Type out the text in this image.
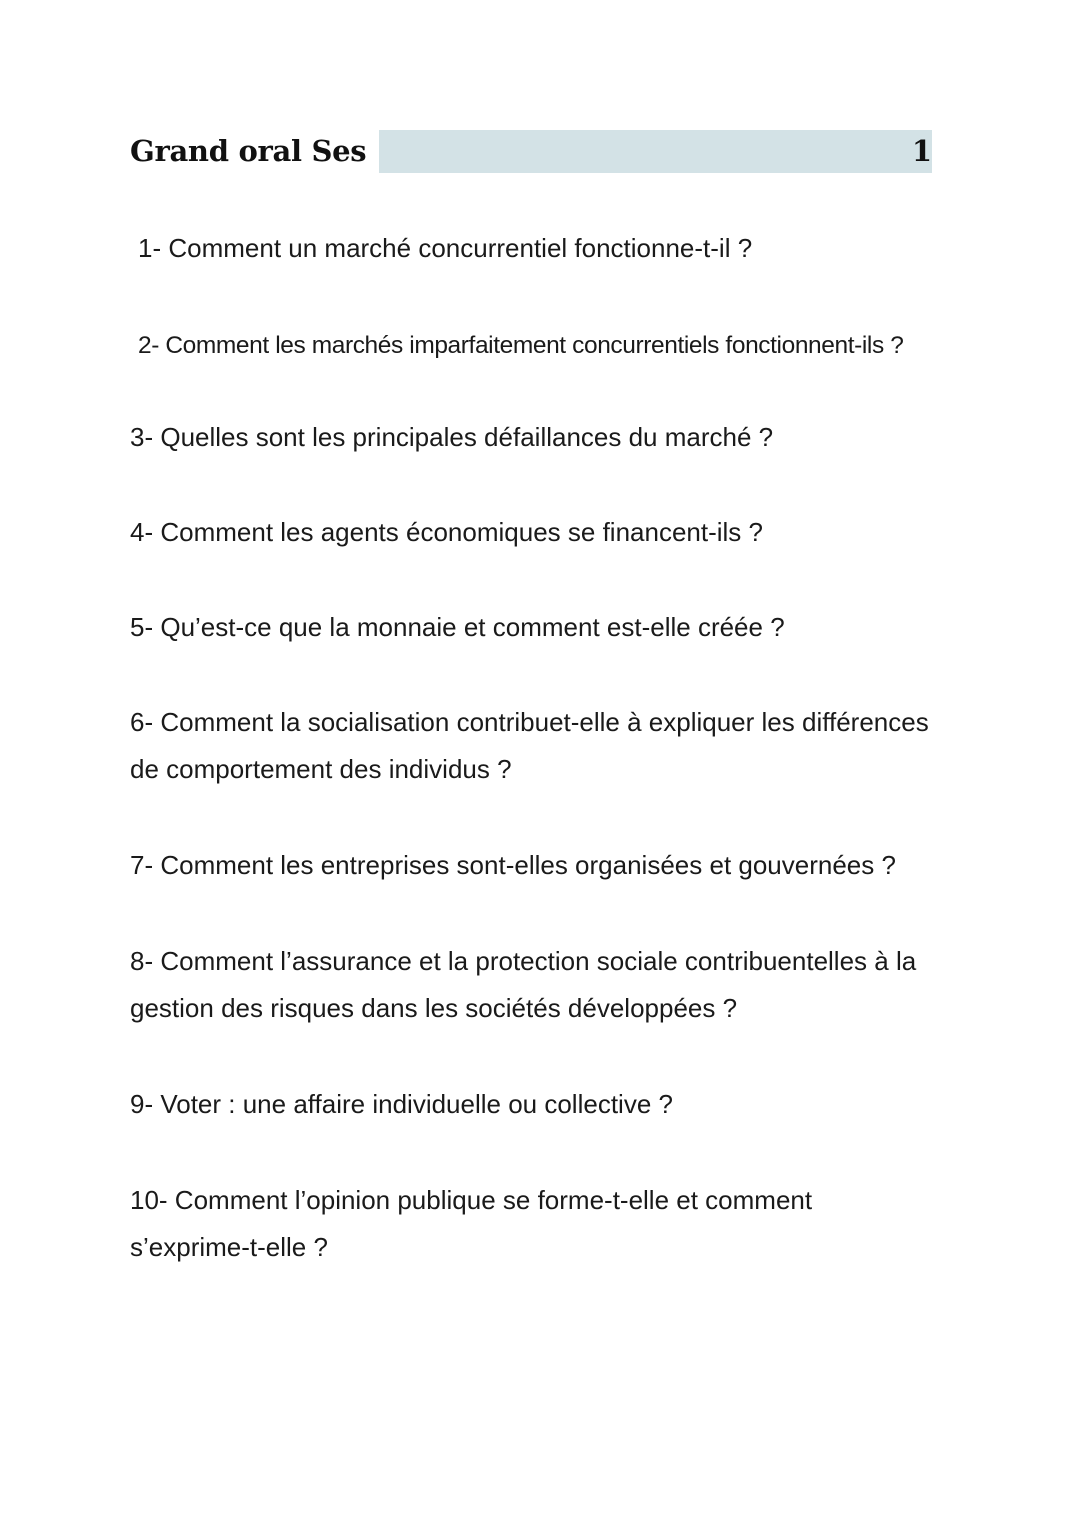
Grand oral Ses	1

1- Comment un marché concurrentiel fonctionne-t-il ?

2- Comment les marchés imparfaitement concurrentiels fonctionnent-ils ?

3- Quelles sont les principales défaillances du marché ?

4- Comment les agents économiques se financent-ils ?

5- Qu’est-ce que la monnaie et comment est-elle créée ?

6- Comment la socialisation contribuet-elle à expliquer les différences de comportement des individus ?

7- Comment les entreprises sont-elles organisées et gouvernées ?

8- Comment l’assurance et la protection sociale contribuentelles à la gestion des risques dans les sociétés développées ?

9- Voter : une affaire individuelle ou collective ?

10- Comment l’opinion publique se forme-t-elle et comment s’exprime-t-elle ?
